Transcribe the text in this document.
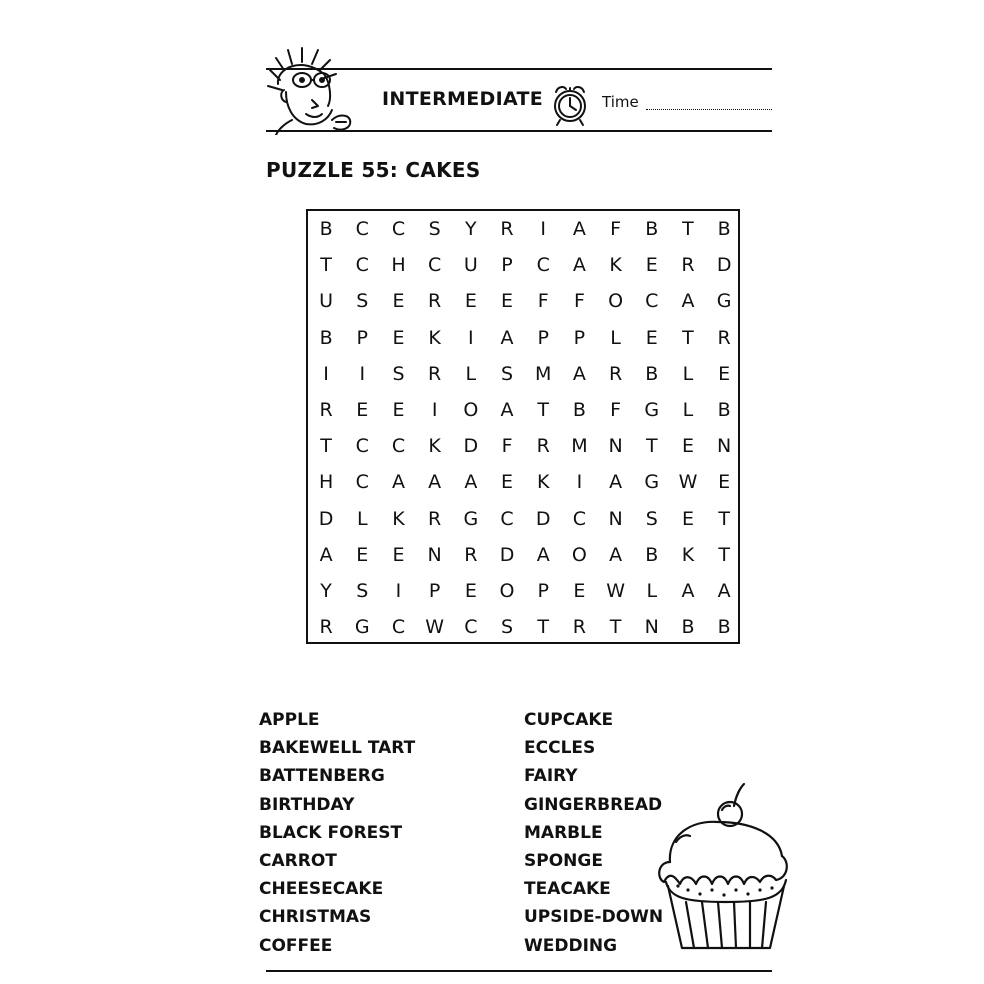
INTERMEDIATE	Time
PUZZLE 55: CAKES
B	C	C	S	Y	R	I	A	F	B	T	B
T	C	H	C	U	P	C	A	K	E	R	D
U	S	E	R	E	E	F	F	O	C	A	G
B	P	E	K	I	A	P	P	L	E	T	R
I	I	S	R	L	S	M	A	R	B	L	E
R	E	E	I	O	A	T	B	F	G	L	B
T	C	C	K	D	F	R	M	N	T	E	N
H	C	A	A	A	E	K	I	A	G	W	E
D	L	K	R	G	C	D	C	N	S	E	T
A	E	E	N	R	D	A	O	A	B	K	T
Y	S	I	P	E	O	P	E	W	L	A	A
R	G	C	W	C	S	T	R	T	N	B	B
APPLE
BAKEWELL TART
BATTENBERG
BIRTHDAY
BLACK FOREST
CARROT
CHEESECAKE
CHRISTMAS
COFFEE
CUPCAKE
ECCLES
FAIRY
GINGERBREAD
MARBLE
SPONGE
TEACAKE
UPSIDE-DOWN
WEDDING
